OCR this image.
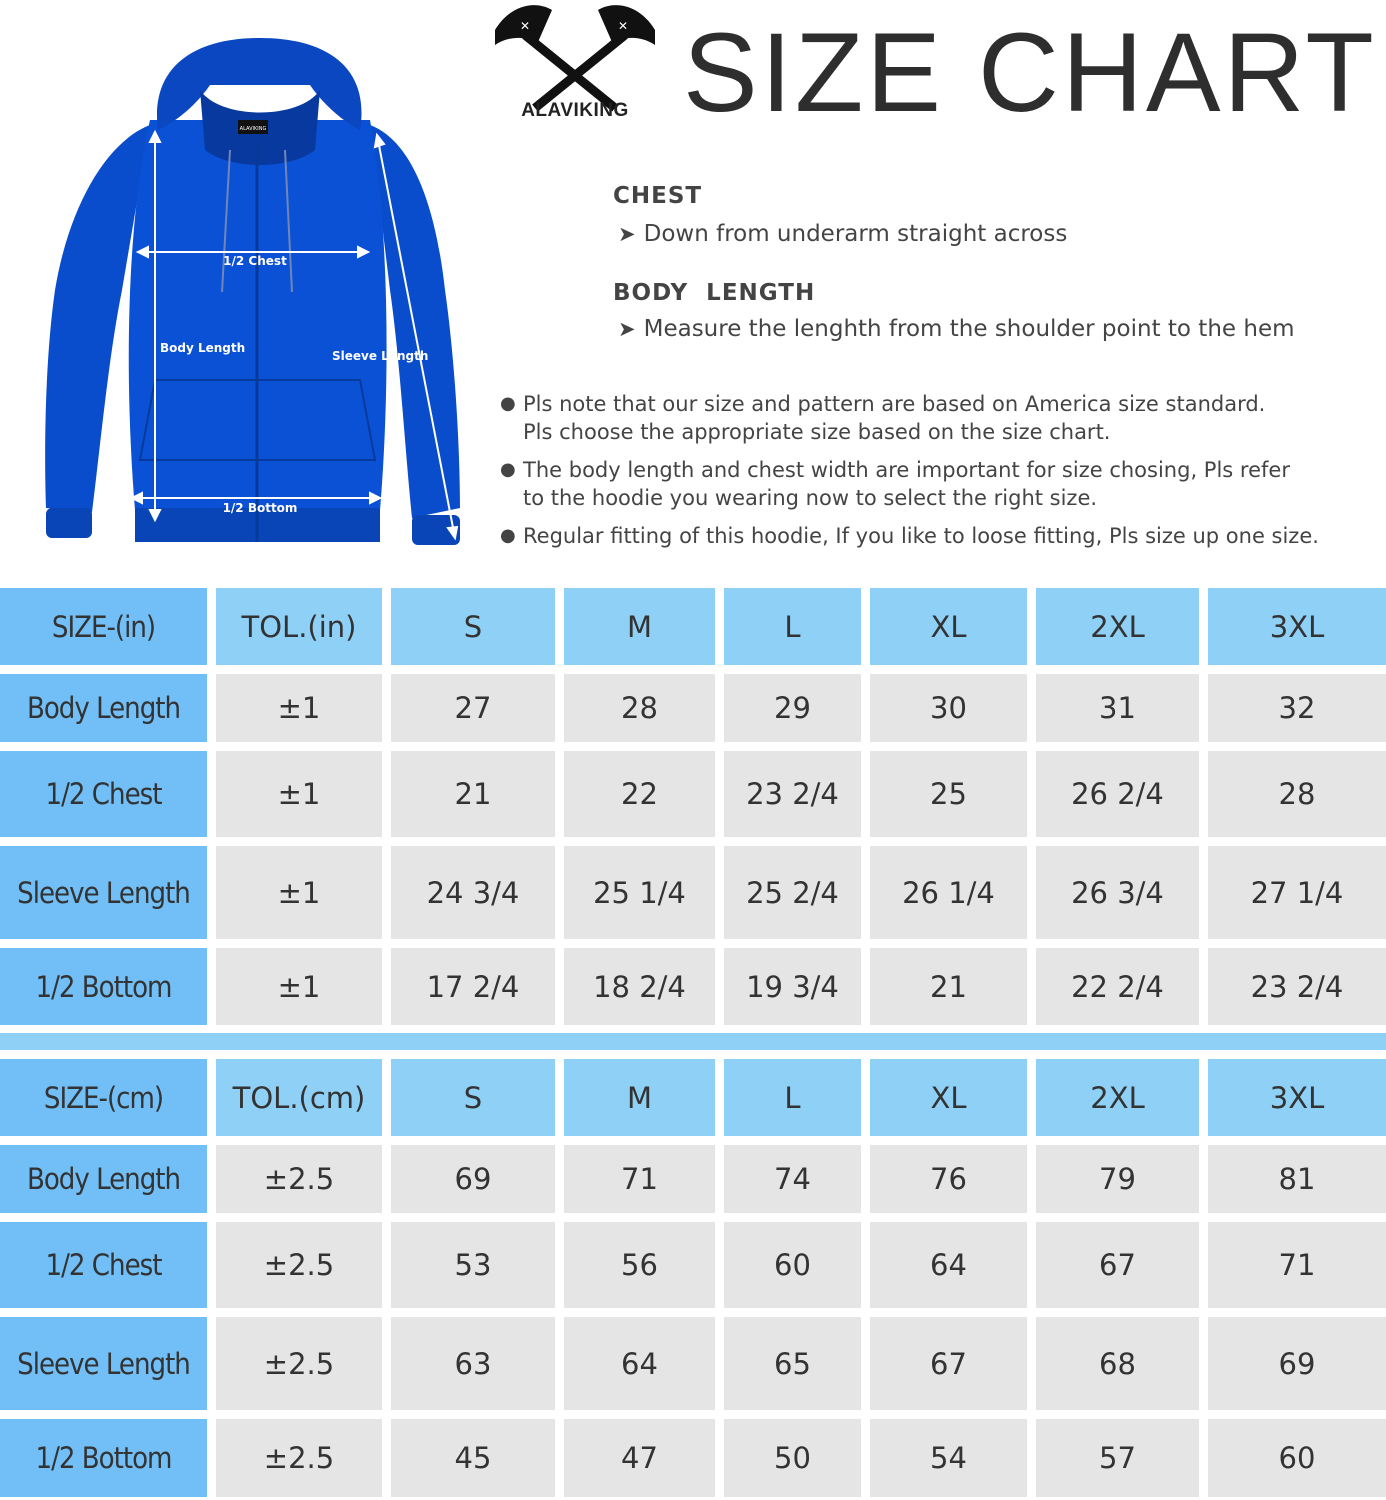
ALAVIKING
1/2 Chest
Body Length
Sleeve Length
1/2 Bottom
✕	✕
ALAVIKING SIZE CHART
CHEST
➤ Down from underarm straight across
BODY  LENGTH
➤ Measure the lenghth from the shoulder point to the hem
● Pls note that our size and pattern are based on America size standard.
Pls choose the appropriate size based on the size chart.
● The body length and chest width are important for size chosing, Pls refer
to the hoodie you wearing now to select the right size.
● Regular fitting of this hoodie, If you like to loose fitting, Pls size up one size.
SIZE-(in)	TOL.(in)	S	M	L	XL	2XL	3XL
Body Length	±1	27	28	29	30	31	32
1/2 Chest	±1	21	22	23 2/4	25	26 2/4	28
Sleeve Length	±1	24 3/4	25 1/4	25 2/4	26 1/4	26 3/4	27 1/4
1/2 Bottom	±1	17 2/4	18 2/4	19 3/4	21	22 2/4	23 2/4
SIZE-(cm)	TOL.(cm)	S	M	L	XL	2XL	3XL
Body Length	±2.5	69	71	74	76	79	81
1/2 Chest	±2.5	53	56	60	64	67	71
Sleeve Length	±2.5	63	64	65	67	68	69
1/2 Bottom	±2.5	45	47	50	54	57	60
